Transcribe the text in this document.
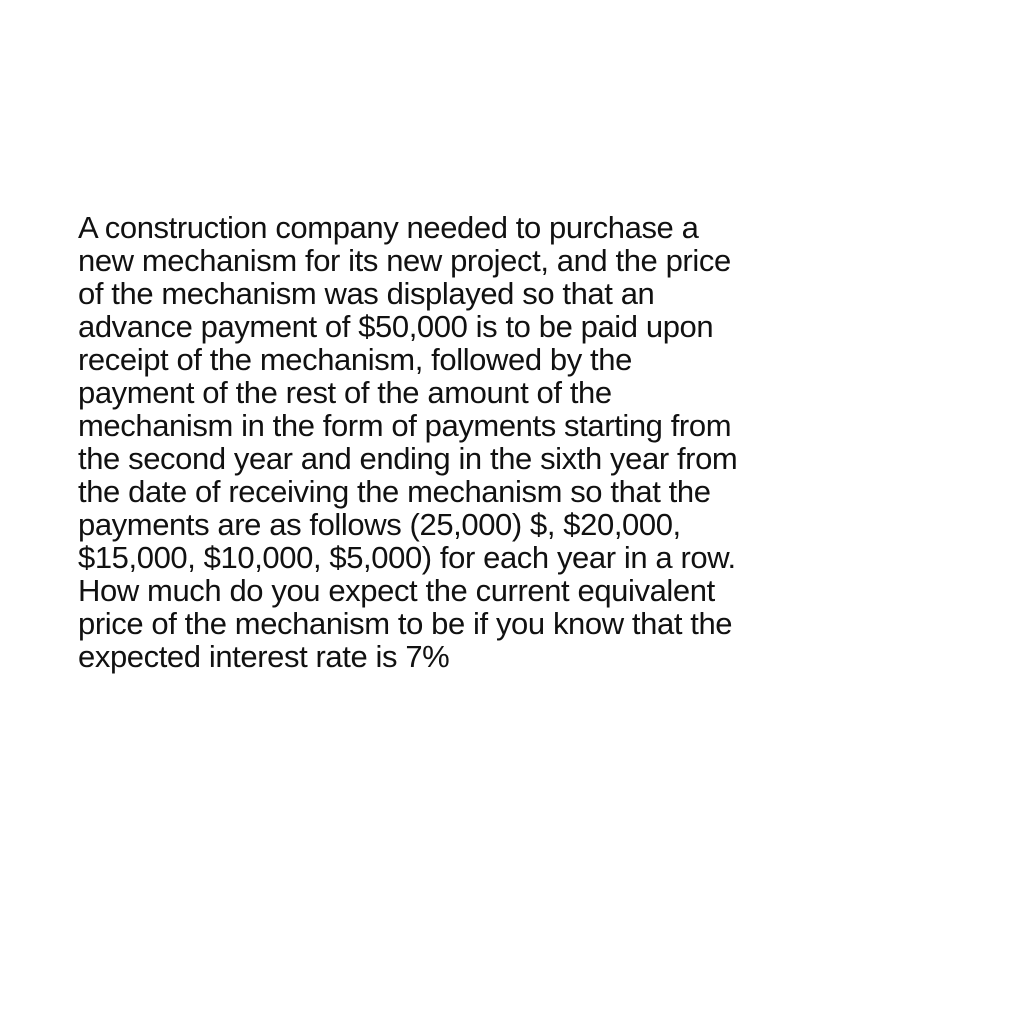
A construction company needed to purchase a
new mechanism for its new project, and the price
of the mechanism was displayed so that an
advance payment of $50,000 is to be paid upon
receipt of the mechanism, followed by the
payment of the rest of the amount of the
mechanism in the form of payments starting from
the second year and ending in the sixth year from
the date of receiving the mechanism so that the
payments are as follows (25,000) $, $20,000,
$15,000, $10,000, $5,000) for each year in a row.
How much do you expect the current equivalent
price of the mechanism to be if you know that the
expected interest rate is 7%
